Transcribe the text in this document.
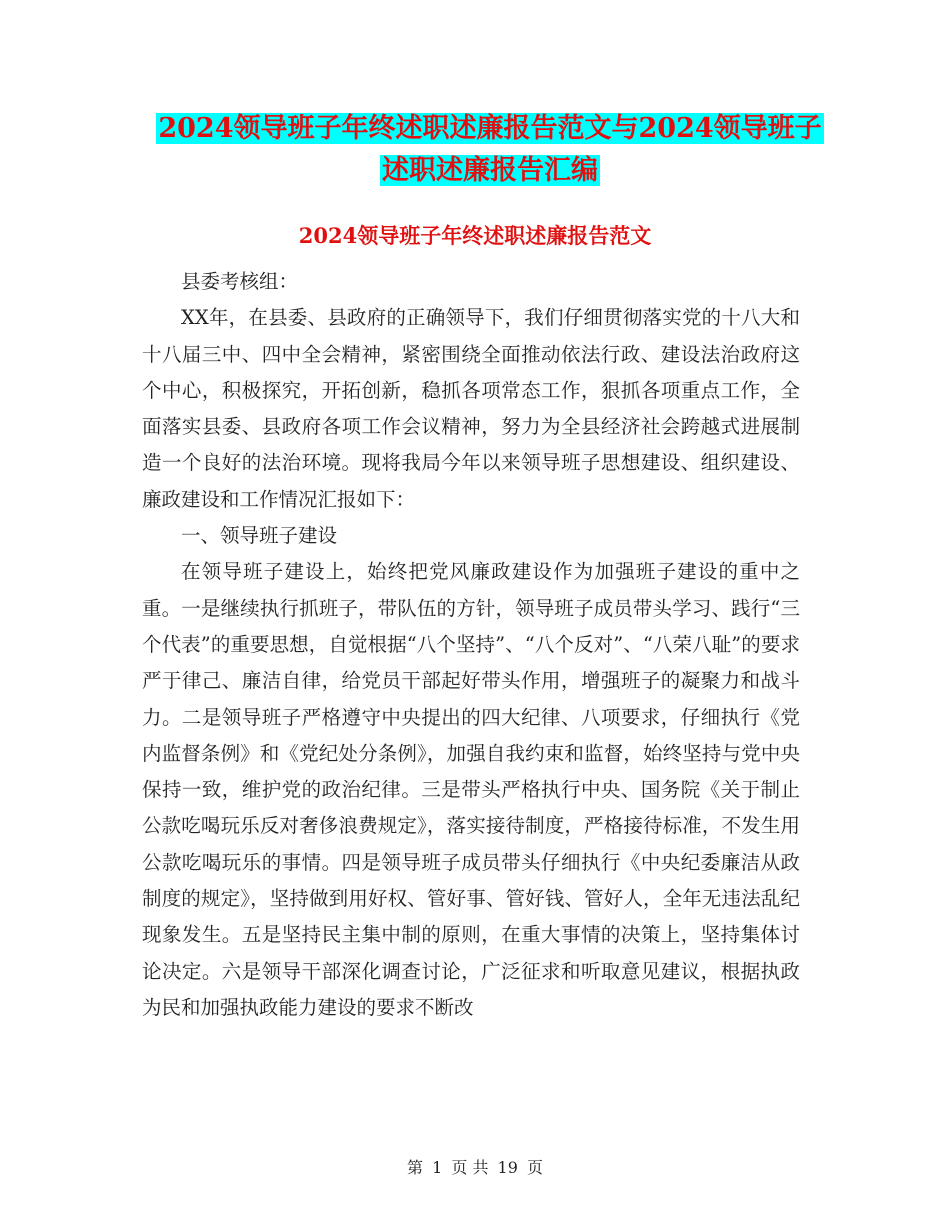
2024领导班子年终述职述廉报告范文与2024领导班子
述职述廉报告汇编
2024领导班子年终述职述廉报告范文

县委考核组：

XX年，在县委、县政府的正确领导下，我们仔细贯彻落实党的十八大和十八届三中、四中全会精神，紧密围绕全面推动依法行政、建设法治政府这个中心，积极探究，开拓创新，稳抓各项常态工作，狠抓各项重点工作，全面落实县委、县政府各项工作会议精神，努力为全县经济社会跨越式进展制造一个良好的法治环境。现将我局今年以来领导班子思想建设、组织建设、廉政建设和工作情况汇报如下：

一、领导班子建设

在领导班子建设上，始终把党风廉政建设作为加强班子建设的重中之重。一是继续执行抓班子，带队伍的方针，领导班子成员带头学习、践行“三个代表”的重要思想，自觉根据“八个坚持”、“八个反对”、“八荣八耻”的要求严于律己、廉洁自律，给党员干部起好带头作用，增强班子的凝聚力和战斗力。二是领导班子严格遵守中央提出的四大纪律、八项要求，仔细执行《党内监督条例》和《党纪处分条例》，加强自我约束和监督，始终坚持与党中央保持一致，维护党的政治纪律。三是带头严格执行中央、国务院《关于制止公款吃喝玩乐反对奢侈浪费规定》，落实接待制度，严格接待标准，不发生用公款吃喝玩乐的事情。四是领导班子成员带头仔细执行《中央纪委廉洁从政制度的规定》，坚持做到用好权、管好事、管好钱、管好人，全年无违法乱纪现象发生。五是坚持民主集中制的原则，在重大事情的决策上，坚持集体讨论决定。六是领导干部深化调查讨论，广泛征求和听取意见建议，根据执政为民和加强执政能力建设的要求不断改

第 1 页 共 19 页
